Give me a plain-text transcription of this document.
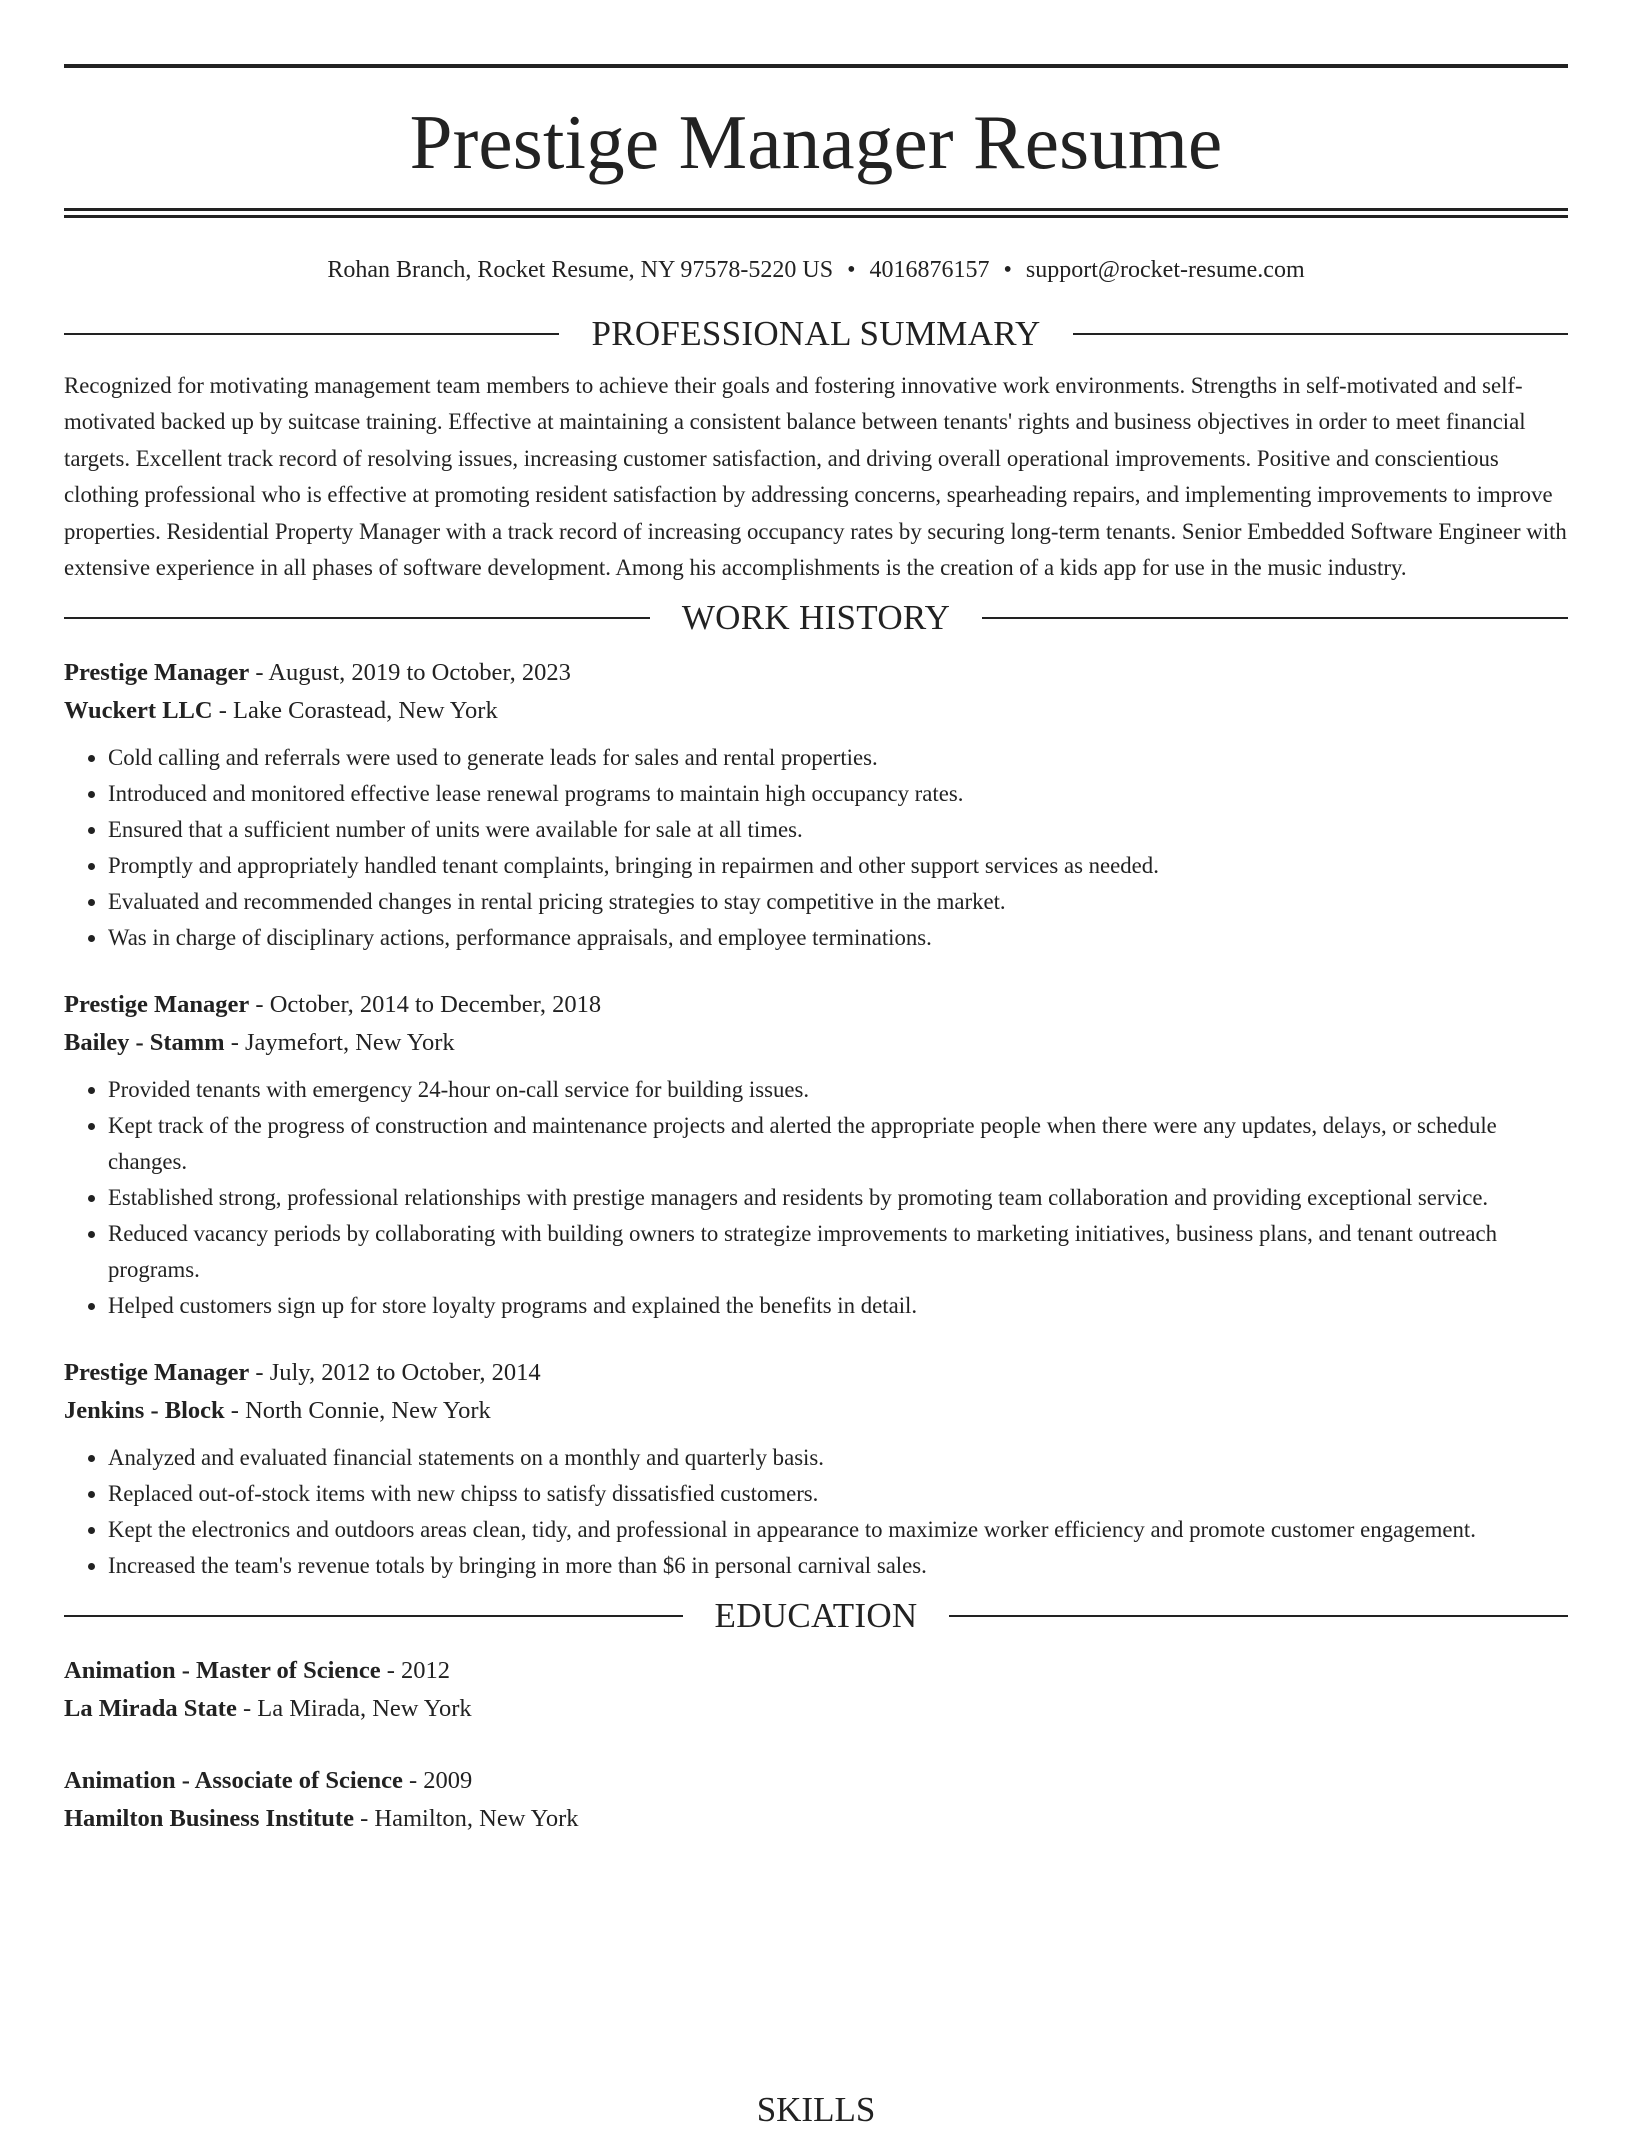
Prestige Manager Resume
Rohan Branch, Rocket Resume, NY 97578-5220 US • 4016876157 • support@rocket-resume.com
PROFESSIONAL SUMMARY

Recognized for motivating management team members to achieve their goals and fostering innovative work environments. Strengths in self-motivated and self-motivated backed up by suitcase training. Effective at maintaining a consistent balance between tenants' rights and business objectives in order to meet financial targets. Excellent track record of resolving issues, increasing customer satisfaction, and driving overall operational improvements. Positive and conscientious clothing professional who is effective at promoting resident satisfaction by addressing concerns, spearheading repairs, and implementing improvements to improve properties. Residential Property Manager with a track record of increasing occupancy rates by securing long-term tenants. Senior Embedded Software Engineer with extensive experience in all phases of software development. Among his accomplishments is the creation of a kids app for use in the music industry.

WORK HISTORY

Prestige Manager - August, 2019 to October, 2023

Wuckert LLC - Lake Corastead, New York

• Cold calling and referrals were used to generate leads for sales and rental properties.
• Introduced and monitored effective lease renewal programs to maintain high occupancy rates.
• Ensured that a sufficient number of units were available for sale at all times.
• Promptly and appropriately handled tenant complaints, bringing in repairmen and other support services as needed.
• Evaluated and recommended changes in rental pricing strategies to stay competitive in the market.
• Was in charge of disciplinary actions, performance appraisals, and employee terminations.

Prestige Manager - October, 2014 to December, 2018

Bailey - Stamm - Jaymefort, New York

• Provided tenants with emergency 24-hour on-call service for building issues.
• Kept track of the progress of construction and maintenance projects and alerted the appropriate people when there were any updates, delays, or schedule changes.
• Established strong, professional relationships with prestige managers and residents by promoting team collaboration and providing exceptional service.
• Reduced vacancy periods by collaborating with building owners to strategize improvements to marketing initiatives, business plans, and tenant outreach programs.
• Helped customers sign up for store loyalty programs and explained the benefits in detail.

Prestige Manager - July, 2012 to October, 2014

Jenkins - Block - North Connie, New York

• Analyzed and evaluated financial statements on a monthly and quarterly basis.
• Replaced out-of-stock items with new chipss to satisfy dissatisfied customers.
• Kept the electronics and outdoors areas clean, tidy, and professional in appearance to maximize worker efficiency and promote customer engagement.
• Increased the team's revenue totals by bringing in more than $6 in personal carnival sales.
EDUCATION

Animation - Master of Science - 2012

La Mirada State - La Mirada, New York

Animation - Associate of Science - 2009

Hamilton Business Institute - Hamilton, New York

SKILLS
